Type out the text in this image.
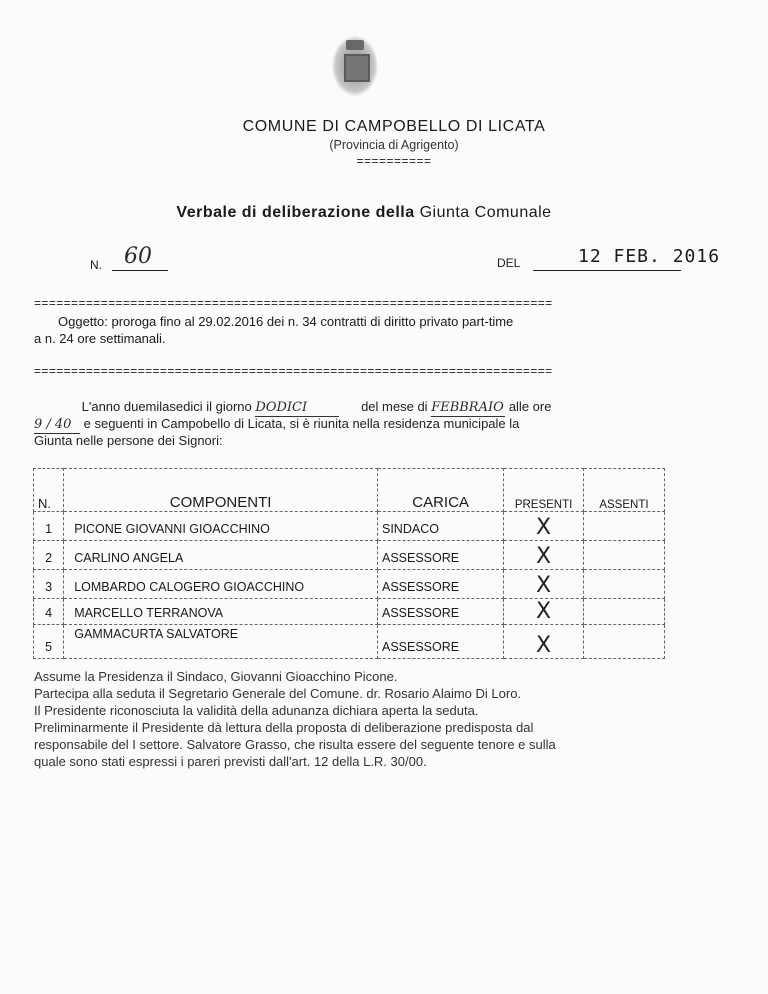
COMUNE DI CAMPOBELLO DI LICATA
(Provincia di Agrigento)
==========
Verbale di deliberazione della Giunta Comunale
N. 60	DEL	12 FEB. 2016
======================================================================
Oggetto: proroga fino al 29.02.2016 dei n. 34 contratti di diritto privato part-time
a n. 24 ore settimanali.
======================================================================
L'anno duemilasedici il giorno DODICI	del mese di FEBBRAIO alle ore
9 / 40 e seguenti in Campobello di Licata, si è riunita nella residenza municipale la
Giunta nelle persone dei Signori:
N.	COMPONENTI	CARICA	PRESENTI	ASSENTI
1	PICONE GIOVANNI GIOACCHINO	SINDACO	X	
2	CARLINO ANGELA	ASSESSORE	X	
3	LOMBARDO CALOGERO GIOACCHINO	ASSESSORE	X	
4	MARCELLO TERRANOVA	ASSESSORE	X	
5	GAMMACURTA SALVATORE	ASSESSORE	X	
Assume la Presidenza il Sindaco, Giovanni Gioacchino Picone.
Partecipa alla seduta il Segretario Generale del Comune. dr. Rosario Alaimo Di Loro.
Il Presidente riconosciuta la validità della adunanza dichiara aperta la seduta.
Preliminarmente il Presidente dà lettura della proposta di deliberazione predisposta dal
responsabile del I settore. Salvatore Grasso, che risulta essere del seguente tenore e sulla
quale sono stati espressi i pareri previsti dall'art. 12 della L.R. 30/00.
